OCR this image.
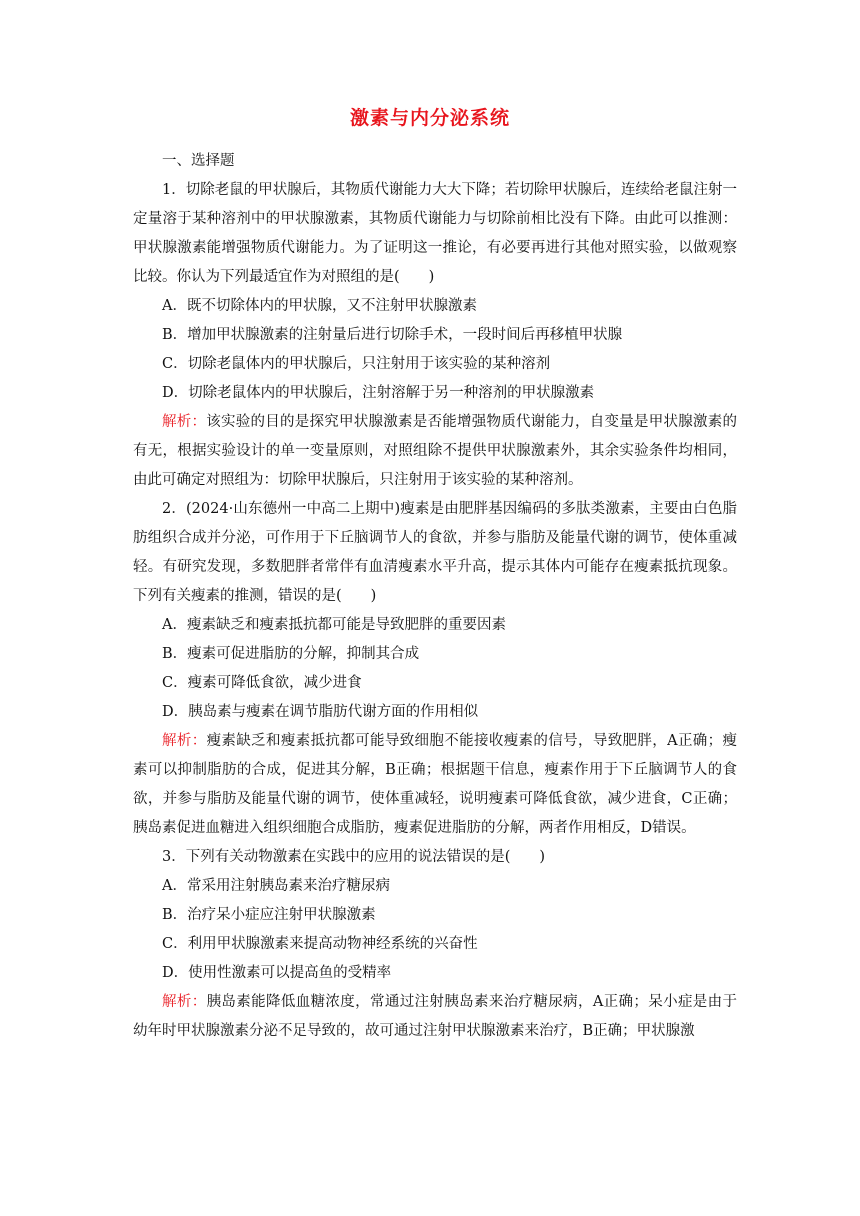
激素与内分泌系统

一、选择题

1．切除老鼠的甲状腺后，其物质代谢能力大大下降；若切除甲状腺后，连续给老鼠注射一定量溶于某种溶剂中的甲状腺激素，其物质代谢能力与切除前相比没有下降。由此可以推测：甲状腺激素能增强物质代谢能力。为了证明这一推论，有必要再进行其他对照实验，以做观察比较。你认为下列最适宜作为对照组的是(　　)

A．既不切除体内的甲状腺，又不注射甲状腺激素

B．增加甲状腺激素的注射量后进行切除手术，一段时间后再移植甲状腺

C．切除老鼠体内的甲状腺后，只注射用于该实验的某种溶剂

D．切除老鼠体内的甲状腺后，注射溶解于另一种溶剂的甲状腺激素

解析：该实验的目的是探究甲状腺激素是否能增强物质代谢能力，自变量是甲状腺激素的有无，根据实验设计的单一变量原则，对照组除不提供甲状腺激素外，其余实验条件均相同，由此可确定对照组为：切除甲状腺后，只注射用于该实验的某种溶剂。

2．(2024·山东德州一中高二上期中)瘦素是由肥胖基因编码的多肽类激素，主要由白色脂肪组织合成并分泌，可作用于下丘脑调节人的食欲，并参与脂肪及能量代谢的调节，使体重减轻。有研究发现，多数肥胖者常伴有血清瘦素水平升高，提示其体内可能存在瘦素抵抗现象。下列有关瘦素的推测，错误的是(　　)

A．瘦素缺乏和瘦素抵抗都可能是导致肥胖的重要因素

B．瘦素可促进脂肪的分解，抑制其合成

C．瘦素可降低食欲，减少进食

D．胰岛素与瘦素在调节脂肪代谢方面的作用相似

解析：瘦素缺乏和瘦素抵抗都可能导致细胞不能接收瘦素的信号，导致肥胖，A正确；瘦素可以抑制脂肪的合成，促进其分解，B正确；根据题干信息，瘦素作用于下丘脑调节人的食欲，并参与脂肪及能量代谢的调节，使体重减轻，说明瘦素可降低食欲，减少进食，C正确；胰岛素促进血糖进入组织细胞合成脂肪，瘦素促进脂肪的分解，两者作用相反，D错误。

3．下列有关动物激素在实践中的应用的说法错误的是(　　)

A．常采用注射胰岛素来治疗糖尿病

B．治疗呆小症应注射甲状腺激素

C．利用甲状腺激素来提高动物神经系统的兴奋性

D．使用性激素可以提高鱼的受精率

解析：胰岛素能降低血糖浓度，常通过注射胰岛素来治疗糖尿病，A正确；呆小症是由于幼年时甲状腺激素分泌不足导致的，故可通过注射甲状腺激素来治疗，B正确；甲状腺激
